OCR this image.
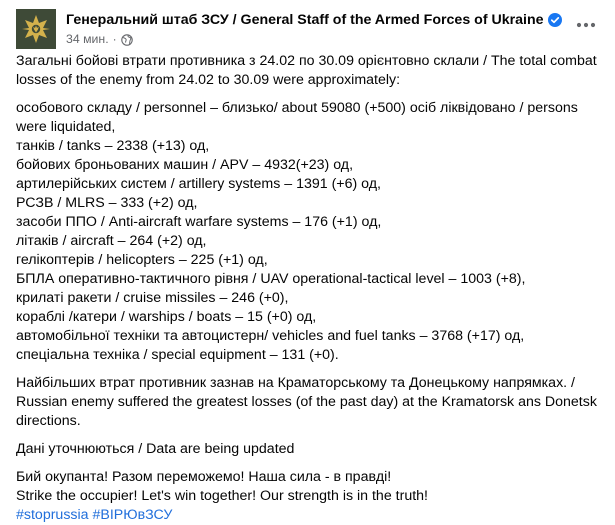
Генеральний штаб ЗСУ / General Staff of the Armed Forces of Ukraine
34 мин. ·

Загальні бойові втрати противника з 24.02 по 30.09 орієнтовно склали / The total combat losses of the enemy from 24.02 to 30.09 were approximately:

особового складу / personnel – близько/ about 59080 (+500) осіб ліквідовано / persons were liquidated,
танків / tanks – 2338 (+13) од,
бойових броньованих машин / APV – 4932(+23) од,
артилерійських систем / artillery systems – 1391 (+6) од,
РСЗВ / MLRS – 333 (+2) од,
засоби ППО / Anti-aircraft warfare systems – 176 (+1) од,
літаків / aircraft – 264 (+2) од,
гелікоптерів / helicopters – 225 (+1) од,
БПЛА оперативно-тактичного рівня / UAV operational-tactical level – 1003 (+8),
крилаті ракети / cruise missiles – 246 (+0),
кораблі /катери / warships / boats – 15 (+0) од,
автомобільної техніки та автоцистерн/ vehicles and fuel tanks – 3768 (+17) од,
спеціальна техніка / special equipment – 131 (+0).

Найбільших втрат противник зазнав на Краматорському та Донецькому напрямках. / Russian enemy suffered the greatest losses (of the past day) at the Kramatorsk ans Donetsk directions.

Дані уточнюються / Data are being updated

Бий окупанта! Разом переможемо! Наша сила - в правді!
Strike the occupier! Let's win together! Our strength is in the truth!
#stoprussia #ВІРЮвЗСУ
